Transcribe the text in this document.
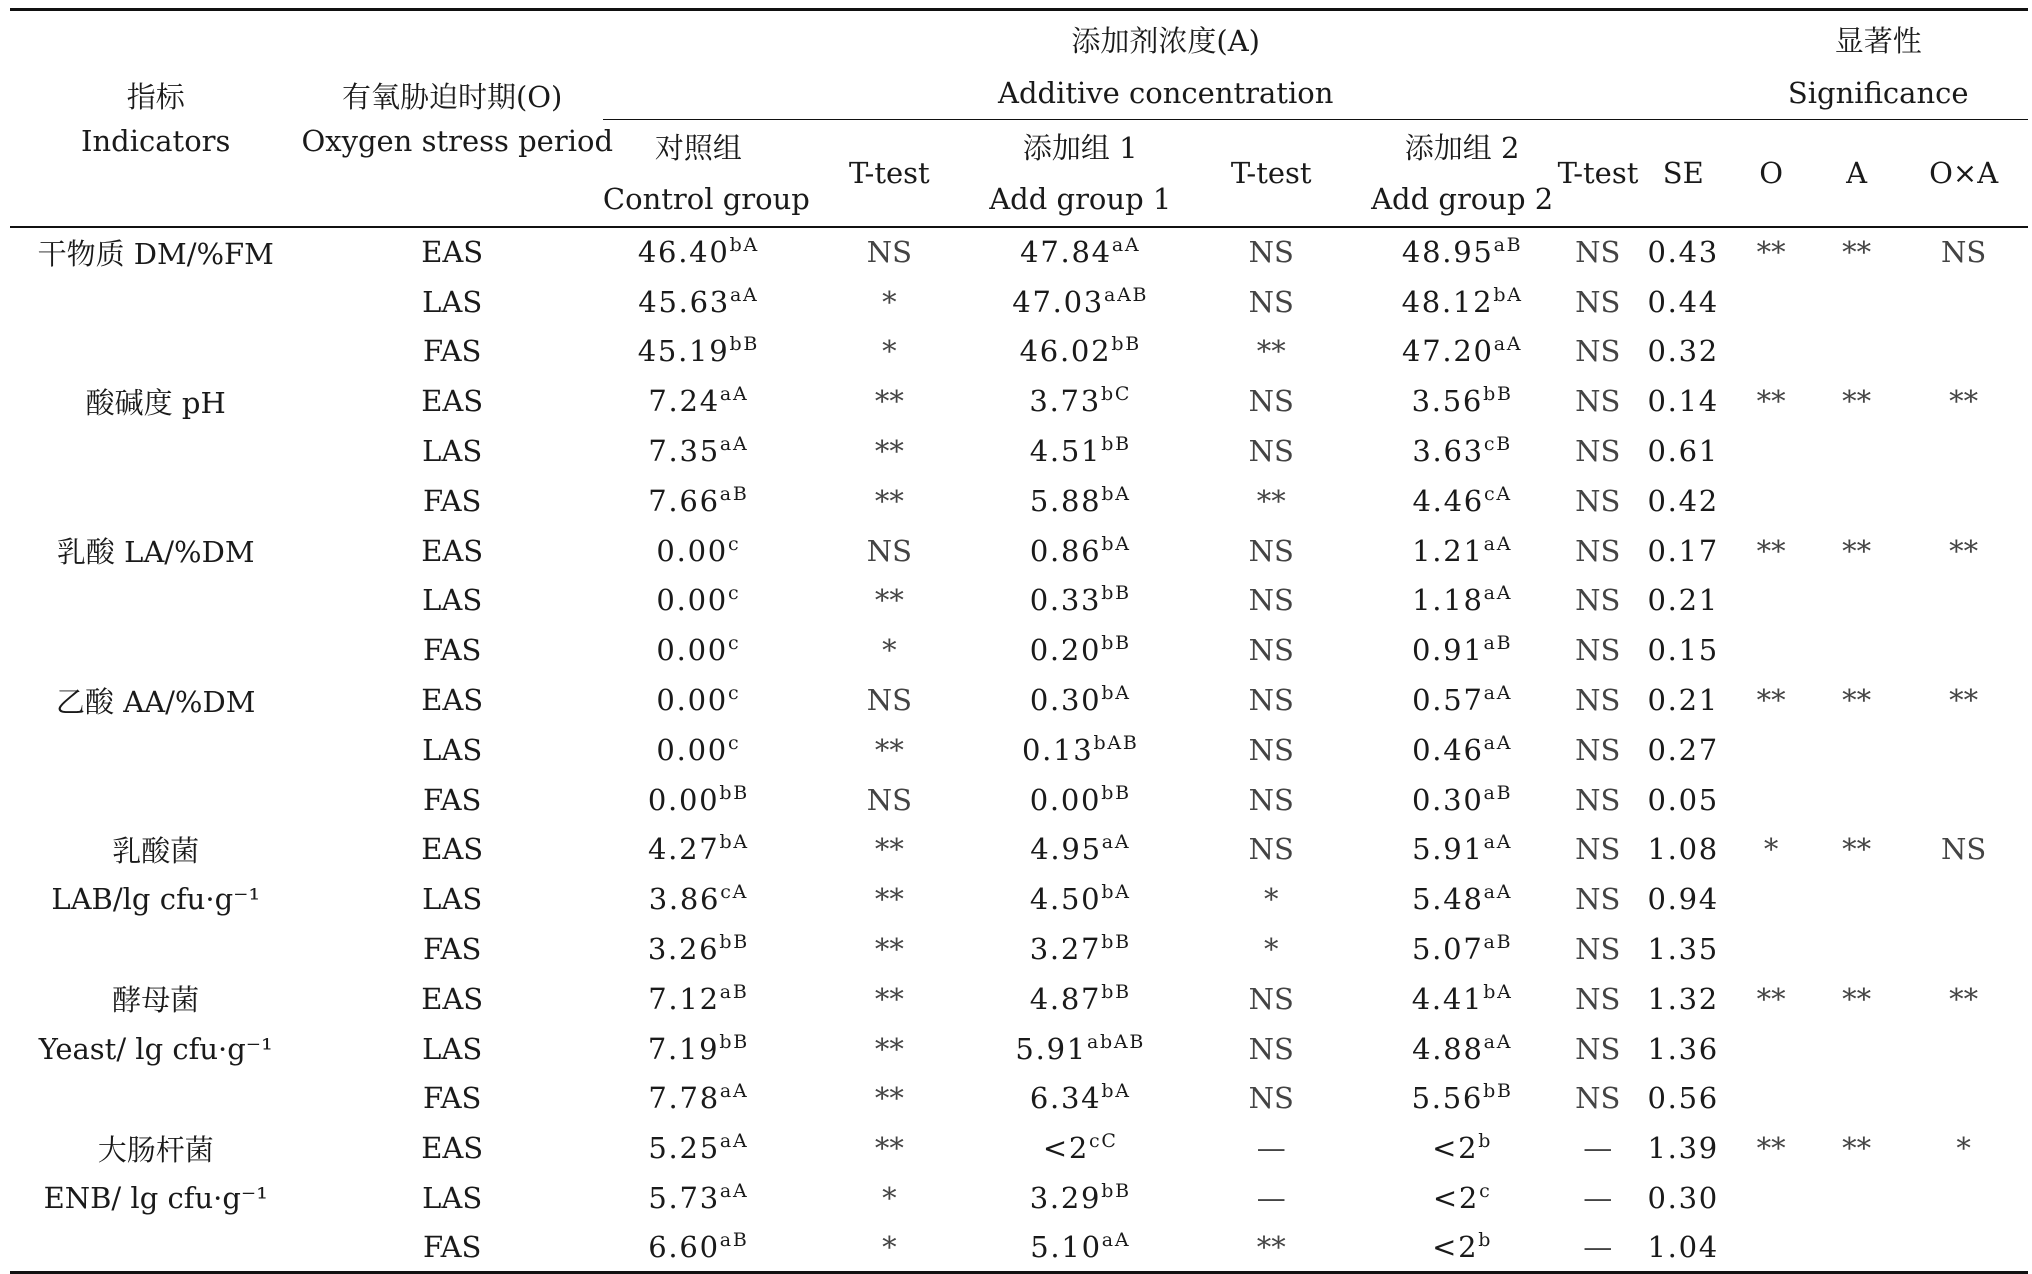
指标	有氧胁迫时期(O)	添加剂浓度(A)							显著性		
		Additive concentration							Significance		
Indicators	Oxygen stress period	对照组	T-test	添加组 1	T-test	添加组 2	T-test	SE	O	A	O×A
		Control group		Add group 1		Add group 2					
干物质 DM/%FM	EAS	$46.40^{bA}$	NS	$47.84^{aA}$	NS	$48.95^{aB}$	NS	0.43	**	**	NS
	LAS	$45.63^{aA}$	*	$47.03^{aAB}$	NS	$48.12^{bA}$	NS	0.44			
	FAS	$45.19^{bB}$	*	$46.02^{bB}$	**	$47.20^{aA}$	NS	0.32			
酸碱度 pH	EAS	$7.24^{aA}$	**	$3.73^{bC}$	NS	$3.56^{bB}$	NS	0.14	**	**	**
	LAS	$7.35^{aA}$	**	$4.51^{bB}$	NS	$3.63^{cB}$	NS	0.61			
	FAS	$7.66^{aB}$	**	$5.88^{bA}$	**	$4.46^{cA}$	NS	0.42			
乳酸 LA/%DM	EAS	0.00$^c$	NS	$0.86^{bA}$	NS	$1.21^{aA}$	NS	0.17	**	**	**
	LAS	0.00$^c$	**	$0.33^{bB}$	NS	$1.18^{aA}$	NS	0.21			
	FAS	0.00$^c$	*	$0.20^{bB}$	NS	$0.91^{aB}$	NS	0.15			
乙酸 AA/%DM	EAS	0.00$^c$	NS	$0.30^{bA}$	NS	$0.57^{aA}$	NS	0.21	**	**	**
	LAS	0.00$^c$	**	$0.13^{bAB}$	NS	$0.46^{aA}$	NS	0.27			
	FAS	$0.00^{bB}$	NS	$0.00^{bB}$	NS	$0.30^{aB}$	NS	0.05			
乳酸菌	EAS	$4.27^{bA}$	**	$4.95^{aA}$	NS	$5.91^{aA}$	NS	1.08	*	**	NS
LAB/lg cfu·g⁻¹	LAS	$3.86^{cA}$	**	$4.50^{bA}$	*	$5.48^{aA}$	NS	0.94			
	FAS	$3.26^{bB}$	**	$3.27^{bB}$	*	$5.07^{aB}$	NS	1.35			
酵母菌	EAS	$7.12^{aB}$	**	$4.87^{bB}$	NS	$4.41^{bA}$	NS	1.32	**	**	**
Yeast/ lg cfu·g⁻¹	LAS	$7.19^{bB}$	**	$5.91^{abAB}$	NS	$4.88^{aA}$	NS	1.36			
	FAS	$7.78^{aA}$	**	$6.34^{bA}$	NS	$5.56^{bB}$	NS	0.56			
大肠杆菌	EAS	$5.25^{aA}$	**	$<2^{cC}$	—	$<2^b$	—	1.39	**	**	*
ENB/ lg cfu·g⁻¹	LAS	$5.73^{aA}$	*	$3.29^{bB}$	—	$<2^c$	—	0.30			
	FAS	$6.60^{aB}$	*	$5.10^{aA}$	**	$<2^b$	—	1.04			
